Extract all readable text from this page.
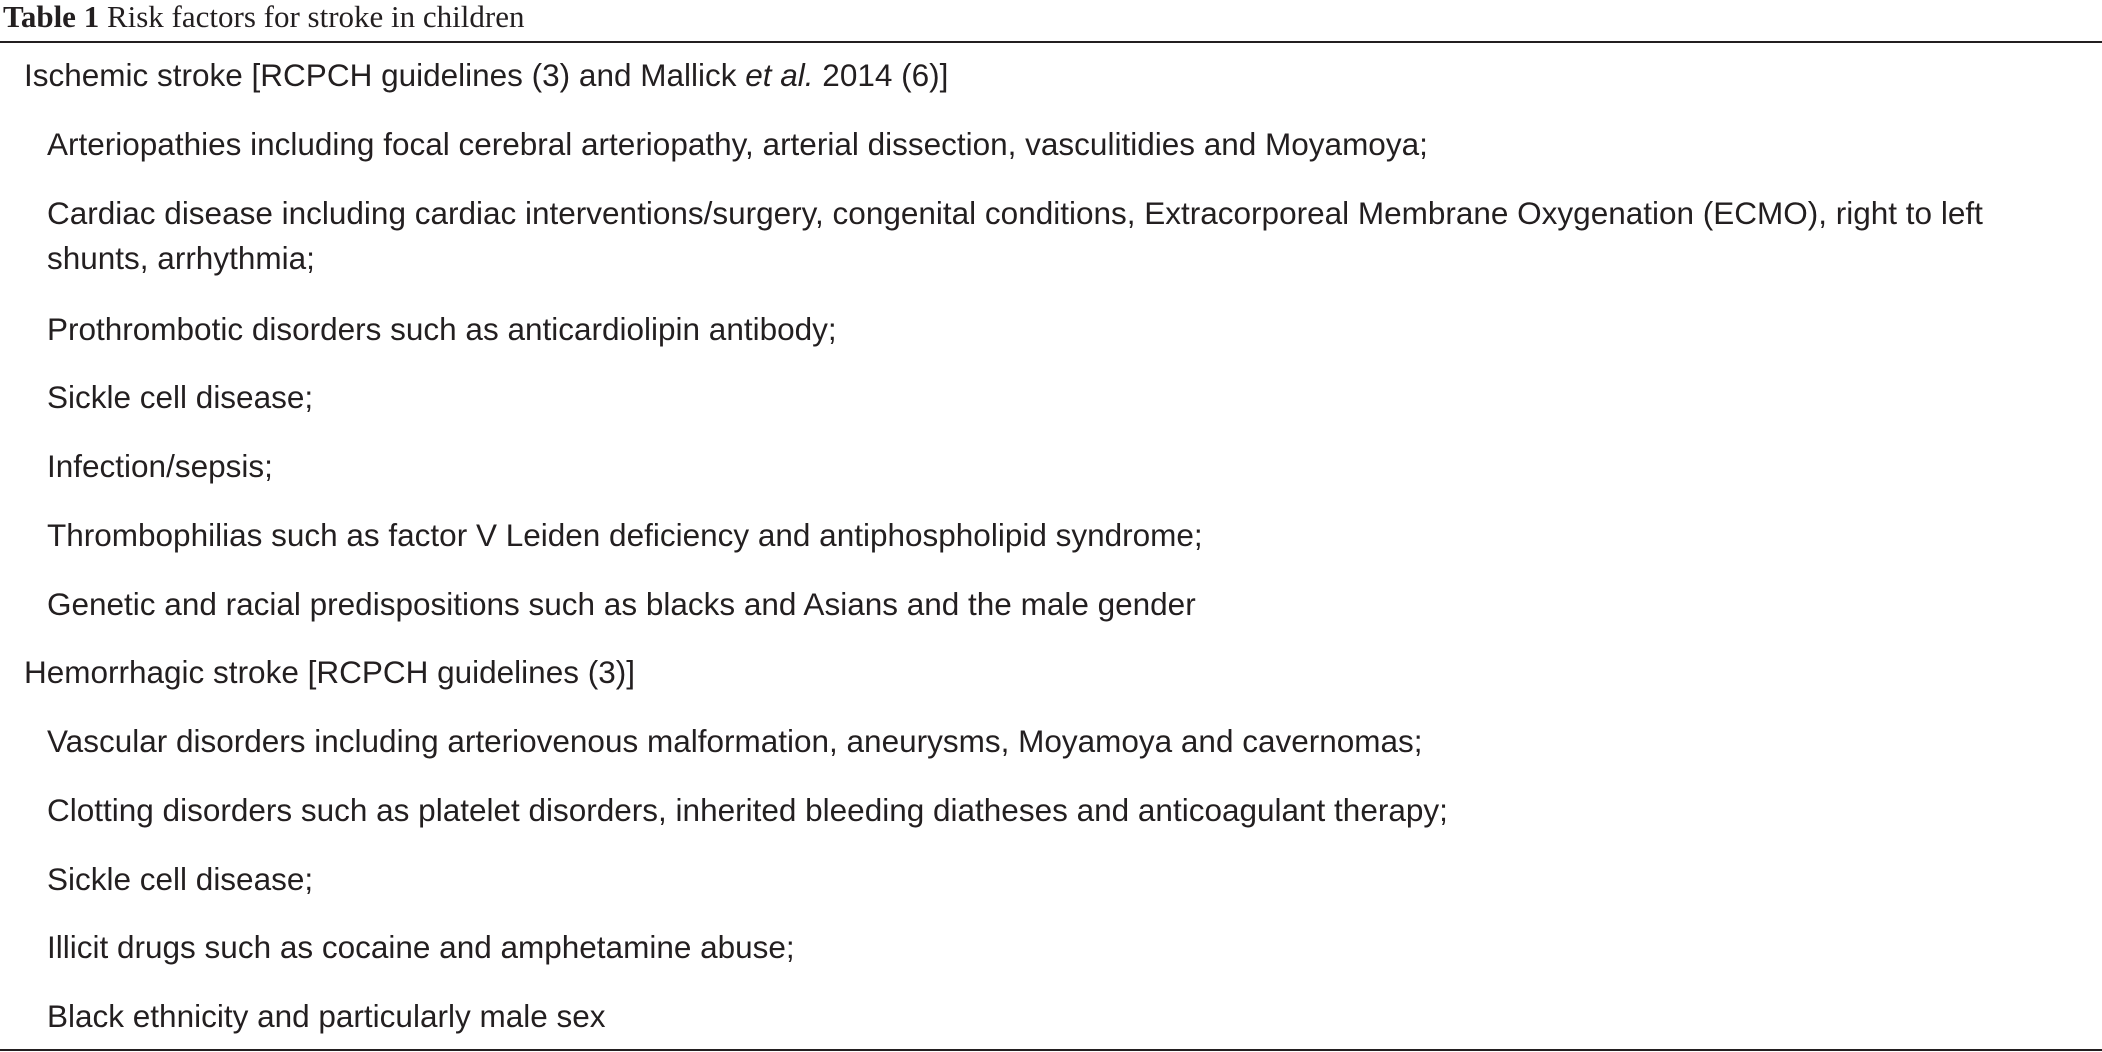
Table 1 Risk factors for stroke in children
Ischemic stroke [RCPCH guidelines (3) and Mallick et al. 2014 (6)]
Arteriopathies including focal cerebral arteriopathy, arterial dissection, vasculitidies and Moyamoya;
Cardiac disease including cardiac interventions/surgery, congenital conditions, Extracorporeal Membrane Oxygenation (ECMO), right to left shunts, arrhythmia;
Prothrombotic disorders such as anticardiolipin antibody;
Sickle cell disease;
Infection/sepsis;
Thrombophilias such as factor V Leiden deficiency and antiphospholipid syndrome;
Genetic and racial predispositions such as blacks and Asians and the male gender
Hemorrhagic stroke [RCPCH guidelines (3)]
Vascular disorders including arteriovenous malformation, aneurysms, Moyamoya and cavernomas;
Clotting disorders such as platelet disorders, inherited bleeding diatheses and anticoagulant therapy;
Sickle cell disease;
Illicit drugs such as cocaine and amphetamine abuse;
Black ethnicity and particularly male sex
